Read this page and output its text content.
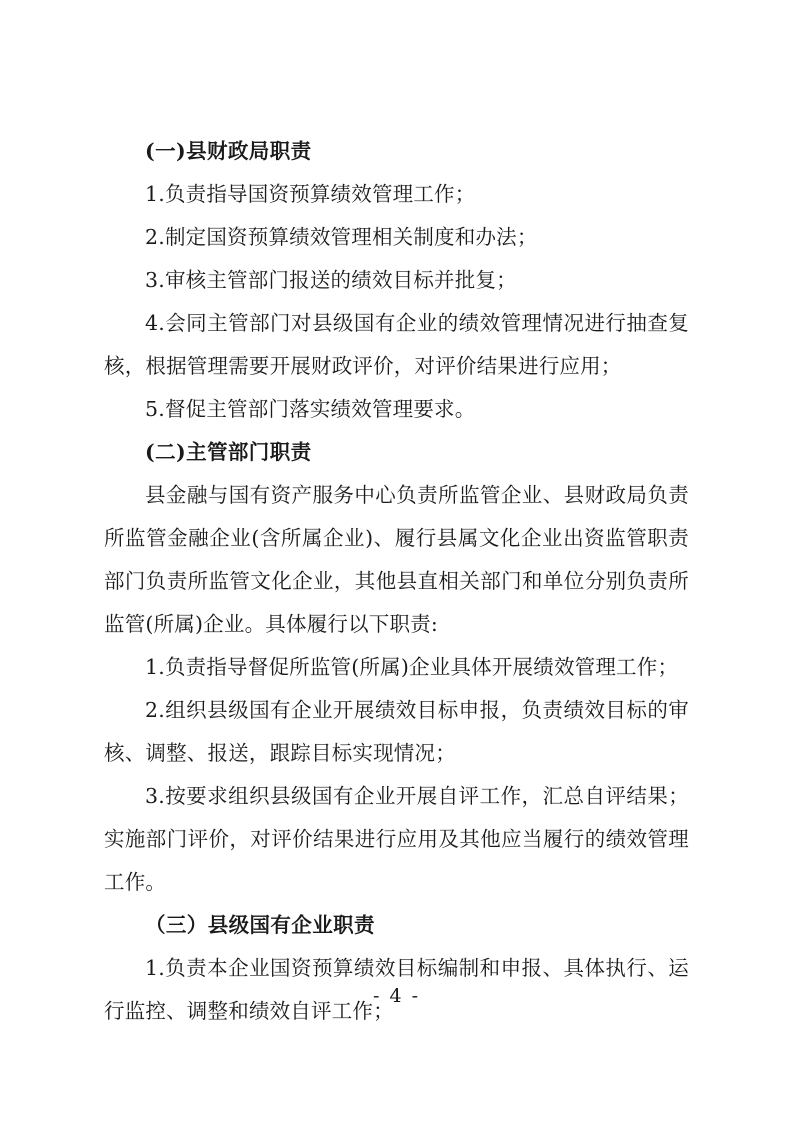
(一)县财政局职责

1.负责指导国资预算绩效管理工作；

2.制定国资预算绩效管理相关制度和办法；

3.审核主管部门报送的绩效目标并批复；

4.会同主管部门对县级国有企业的绩效管理情况进行抽查复核，根据管理需要开展财政评价，对评价结果进行应用；

5.督促主管部门落实绩效管理要求。

(二)主管部门职责

县金融与国有资产服务中心负责所监管企业、县财政局负责所监管金融企业(含所属企业)、履行县属文化企业出资监管职责部门负责所监管文化企业，其他县直相关部门和单位分别负责所监管(所属)企业。具体履行以下职责:

1.负责指导督促所监管(所属)企业具体开展绩效管理工作；

2.组织县级国有企业开展绩效目标申报，负责绩效目标的审核、调整、报送，跟踪目标实现情况；

3.按要求组织县级国有企业开展自评工作，汇总自评结果；实施部门评价，对评价结果进行应用及其他应当履行的绩效管理工作。

（三）县级国有企业职责

1.负责本企业国资预算绩效目标编制和申报、具体执行、运行监控、调整和绩效自评工作；

- 4 -
